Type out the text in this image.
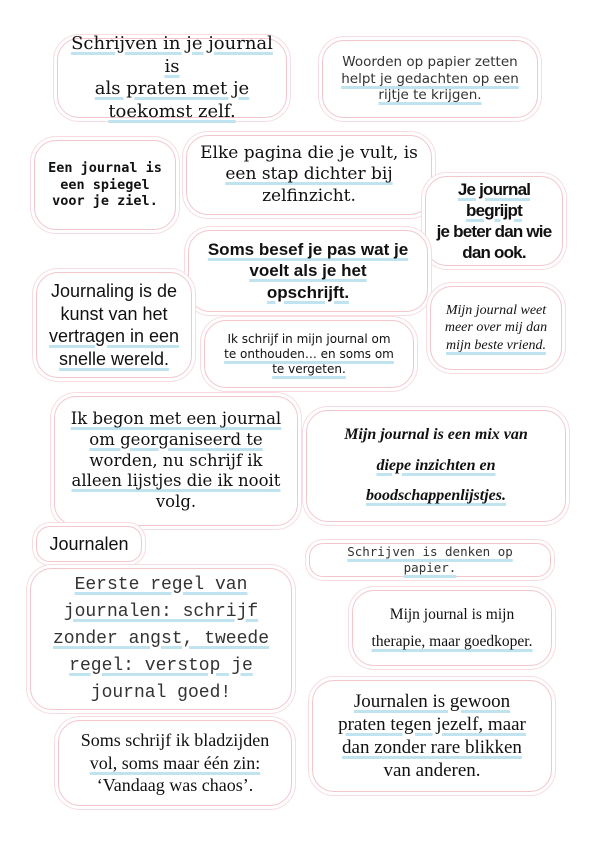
Schrijven in je journal is
als praten met je
toekomst zelf.
Woorden op papier zetten
helpt je gedachten op een
rijtje te krijgen.
Een journal is
een spiegel
voor je ziel.
Elke pagina die je vult, is
een stap dichter bij
zelfinzicht.	Je journal begrijpt
je beter dan wie
dan ook.
Soms besef je pas wat je
voelt als je het
opschrijft.
Journaling is de
kunst van het
vertragen in een
snelle wereld.
Ik schrijf in mijn journal om
te onthouden… en soms om
te vergeten.
Mijn journal weet
meer over mij dan
mijn beste vriend.
Ik begon met een journal
om georganiseerd te
worden, nu schrijf ik
alleen lijstjes die ik nooit
volg.
Mijn journal is een mix van
diepe inzichten en
boodschappenlijstjes.
Journalen	Schrijven is denken op papier.
Eerste regel van
journalen: schrijf
zonder angst, tweede
regel: verstop je
journal goed!
Mijn journal is mijn
therapie, maar goedkoper.
Journalen is gewoon
praten tegen jezelf, maar
dan zonder rare blikken
van anderen.
Soms schrijf ik bladzijden
vol, soms maar één zin:
‘Vandaag was chaos’.
